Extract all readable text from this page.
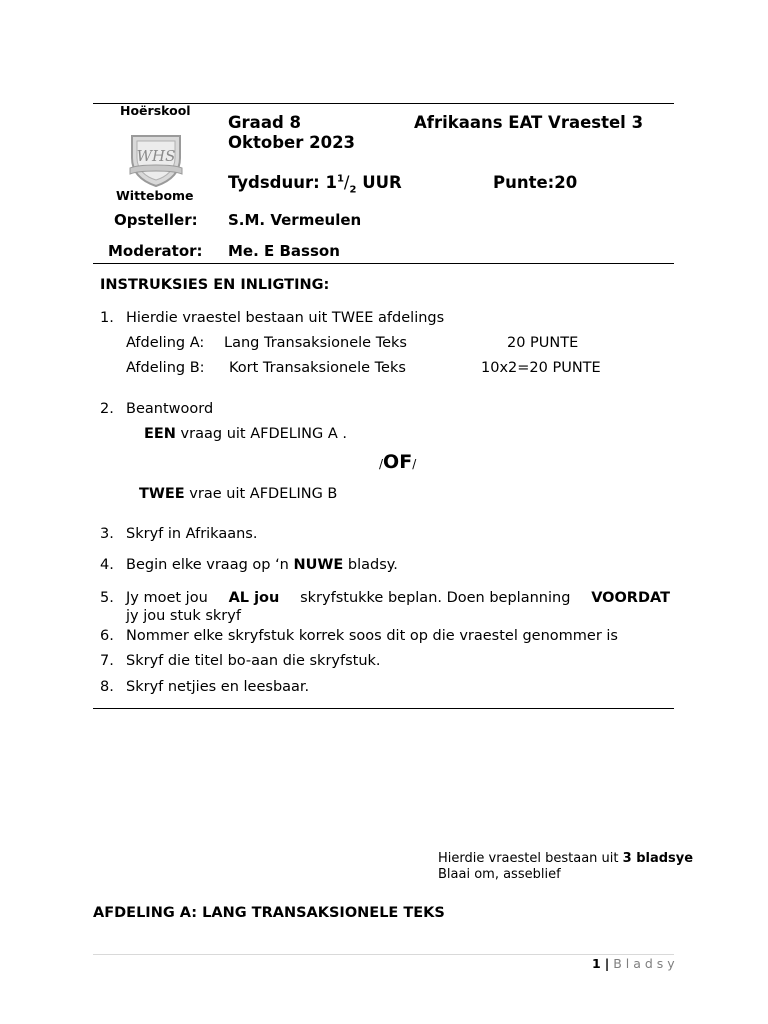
Hoërskool
WHS
Wittebome
Graad 8
Oktober 2023
Afrikaans EAT Vraestel 3
Tydsduur: $1^1/_2$ UUR	Punte:20
Opsteller: S.M. Vermeulen
Moderator: Me. E Basson
INSTRUKSIES EN INLIGTING:
1. Hierdie vraestel bestaan uit TWEE afdelings
Afdeling A: Lang Transaksionele Teks	20 PUNTE
Afdeling B: Kort Transaksionele Teks	10x2=20 PUNTE
2. Beantwoord
EEN vraag uit AFDELING A .
/OF/
TWEE vrae uit AFDELING B
3. Skryf in Afrikaans.
4. Begin elke vraag op ‘n NUWE bladsy.
5. Jy moet jou AL jou skryfstukke beplan. Doen beplanning VOORDAT
jy jou stuk skryf
6. Nommer elke skryfstuk korrek soos dit op die vraestel genommer is
7. Skryf die titel bo-aan die skryfstuk.
8. Skryf netjies en leesbaar.
Hierdie vraestel bestaan uit 3 bladsye
Blaai om, asseblief
AFDELING A: LANG TRANSAKSIONELE TEKS
1 | B l a d s y
